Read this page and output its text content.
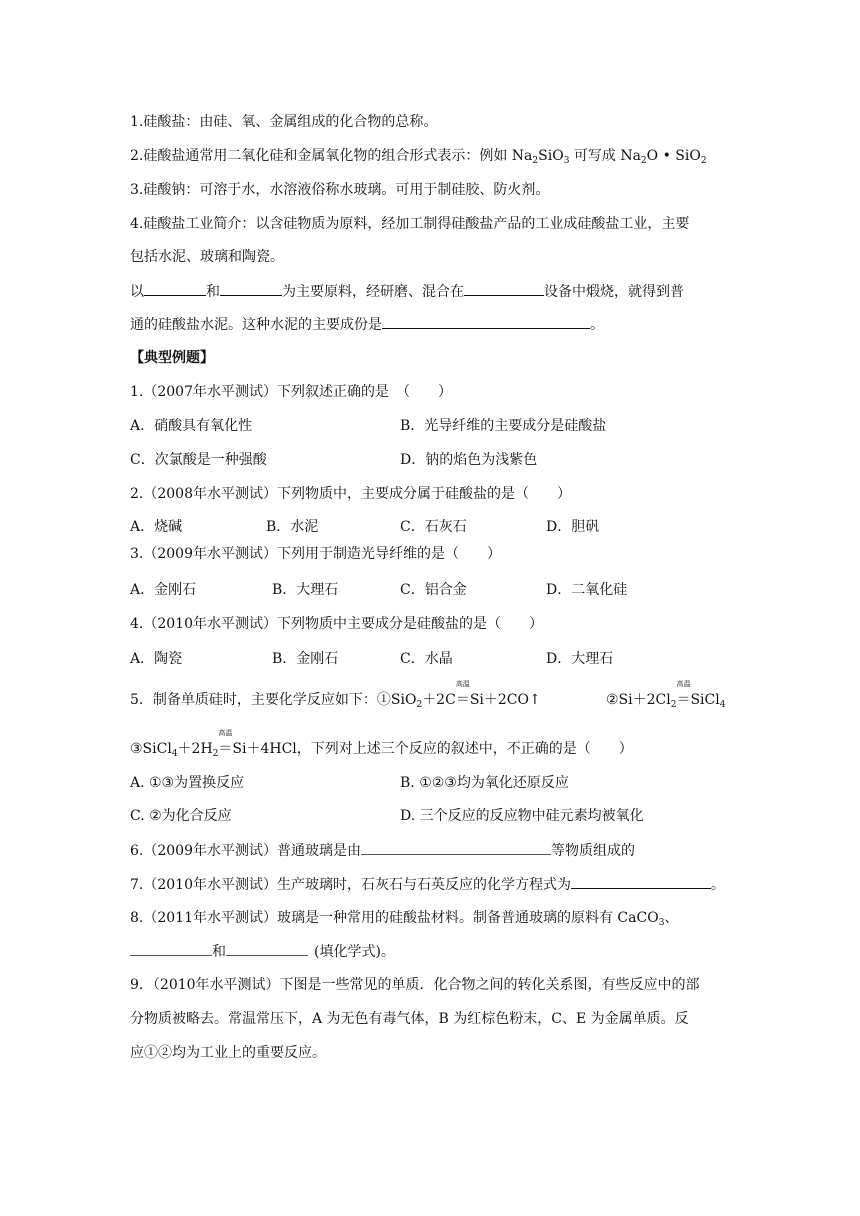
1.硅酸盐：由硅、氧、金属组成的化合物的总称。
2.硅酸盐通常用二氧化硅和金属氧化物的组合形式表示：例如 $Na_2SiO_3$ 可写成 $Na_2O$ • SiO$_2$
3.硅酸钠：可溶于水，水溶液俗称水玻璃。可用于制硅胶、防火剂。
4.硅酸盐工业简介：以含硅物质为原料，经加工制得硅酸盐产品的工业成硅酸盐工业，主要
包括水泥、玻璃和陶瓷。
以	和	为主要原料，经研磨、混合在	设备中煅烧，就得到普
通的硅酸盐水泥。这种水泥的主要成份是	。
【典型例题】
1.（2007年水平测试）下列叙述正确的是　（　　）
A．硝酸具有氧化性	B．光导纤维的主要成分是硅酸盐
C．次氯酸是一种强酸	D．钠的焰色为浅紫色
2.（2008年水平测试）下列物质中，主要成分属于硅酸盐的是（　　）
A．烧碱	B．水泥	C．石灰石	D．胆矾
3.（2009年水平测试）下列用于制造光导纤维的是（　　）
A．金刚石	B．大理石	C．铝合金	D．二氧化硅
4.（2010年水平测试）下列物质中主要成分是硅酸盐的是（　　）
A．陶瓷	B．金刚石	C．水晶	D．大理石
5．制备单质硅时，主要化学反应如下：①SiO$_2$＋2C
高温
＝Si＋2CO↑	$②Si+2Cl_2$
高温
＝SiCl$_4$
$③SiCl_4+2H_2$
高温
＝Si＋4HCl，下列对上述三个反应的叙述中，不正确的是（　　）
A. ①③为置换反应	B. ①②③均为氧化还原反应
C. ②为化合反应	D. 三个反应的反应物中硅元素均被氧化
6.（2009年水平测试）普通玻璃是由	等物质组成的
7.（2010年水平测试）生产玻璃时，石灰石与石英反应的化学方程式为	。
8.（2011年水平测试）玻璃是一种常用的硅酸盐材料。制备普通玻璃的原料有 CaCO$_3$、
和	(填化学式)。
9．（2010年水平测试）下图是一些常见的单质．化合物之间的转化关系图，有些反应中的部
分物质被略去。常温常压下，A 为无色有毒气体，B 为红棕色粉末，C、E 为金属单质。反
应①②均为工业上的重要反应。
